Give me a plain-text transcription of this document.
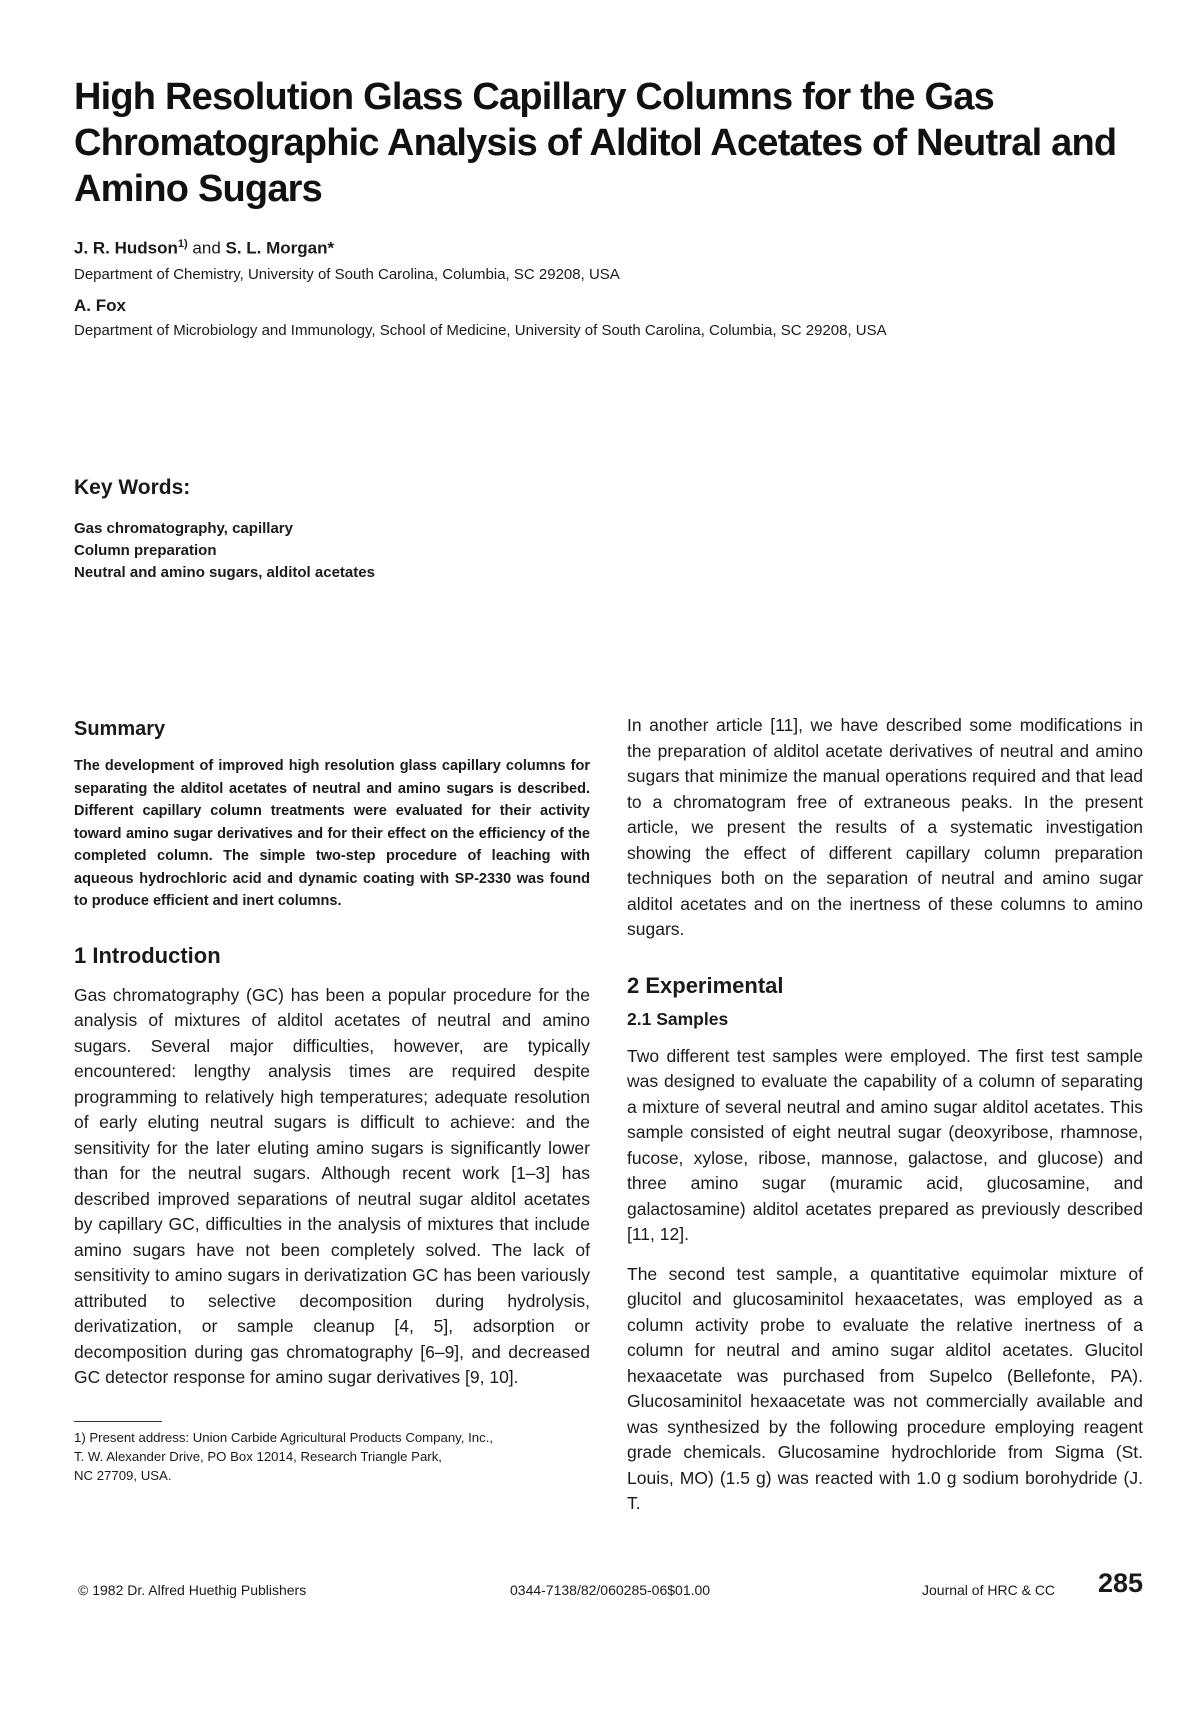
High Resolution Glass Capillary Columns for the Gas
Chromatographic Analysis of Alditol Acetates of Neutral and
Amino Sugars
J. R. Hudson$^{1)}$ and S. L. Morgan*
Department of Chemistry, University of South Carolina, Columbia, SC 29208, USA
A. Fox
Department of Microbiology and Immunology, School of Medicine, University of South Carolina, Columbia, SC 29208, USA
Key Words:
Gas chromatography, capillary
Column preparation
Neutral and amino sugars, alditol acetates
Summary

The development of improved high resolution glass capillary columns for separating the alditol acetates of neutral and amino sugars is described. Different capillary column treatments were evaluated for their activity toward amino sugar derivatives and for their effect on the efficiency of the completed column. The simple two-step procedure of leaching with aqueous hydrochloric acid and dynamic coating with SP-2330 was found to produce efficient and inert columns.

1 Introduction

Gas chromatography (GC) has been a popular procedure for the analysis of mixtures of alditol acetates of neutral and amino sugars. Several major difficulties, however, are typically encountered: lengthy analysis times are required despite programming to relatively high temperatures; adequate resolution of early eluting neutral sugars is difficult to achieve: and the sensitivity for the later eluting amino sugars is significantly lower than for the neutral sugars. Although recent work [1–3] has described improved separations of neutral sugar alditol acetates by capillary GC, difficulties in the analysis of mixtures that include amino sugars have not been completely solved. The lack of sensitivity to amino sugars in derivatization GC has been variously attributed to selective decomposition during hydrolysis, derivatization, or sample cleanup [4, 5], adsorption or decomposition during gas chromatography [6–9], and decreased GC detector response for amino sugar derivatives [9, 10].

1) Present address: Union Carbide Agricultural Products Company, Inc.,

T. W. Alexander Drive, PO Box 12014, Research Triangle Park,

NC 27709, USA.

In another article [11], we have described some modifications in the preparation of alditol acetate derivatives of neutral and amino sugars that minimize the manual operations required and that lead to a chromatogram free of extraneous peaks. In the present article, we present the results of a systematic investigation showing the effect of different capillary column preparation techniques both on the separation of neutral and amino sugar alditol acetates and on the inertness of these columns to amino sugars.

2 Experimental
2.1 Samples

Two different test samples were employed. The first test sample was designed to evaluate the capability of a column of separating a mixture of several neutral and amino sugar alditol acetates. This sample consisted of eight neutral sugar (deoxyribose, rhamnose, fucose, xylose, ribose, mannose, galactose, and glucose) and three amino sugar (muramic acid, glucosamine, and galactosamine) alditol acetates prepared as previously described [11, 12].

The second test sample, a quantitative equimolar mixture of glucitol and glucosaminitol hexaacetates, was employed as a column activity probe to evaluate the relative inertness of a column for neutral and amino sugar alditol acetates. Glucitol hexaacetate was purchased from Supelco (Bellefonte, PA). Glucosaminitol hexaacetate was not commercially available and was synthesized by the following procedure employing reagent grade chemicals. Glucosamine hydrochloride from Sigma (St. Louis, MO) (1.5 g) was reacted with 1.0 g sodium borohydride (J. T.

© 1982 Dr. Alfred Huethig Publishers	0344-7138/82/060285-06$01.00	Journal of HRC & CC 285
